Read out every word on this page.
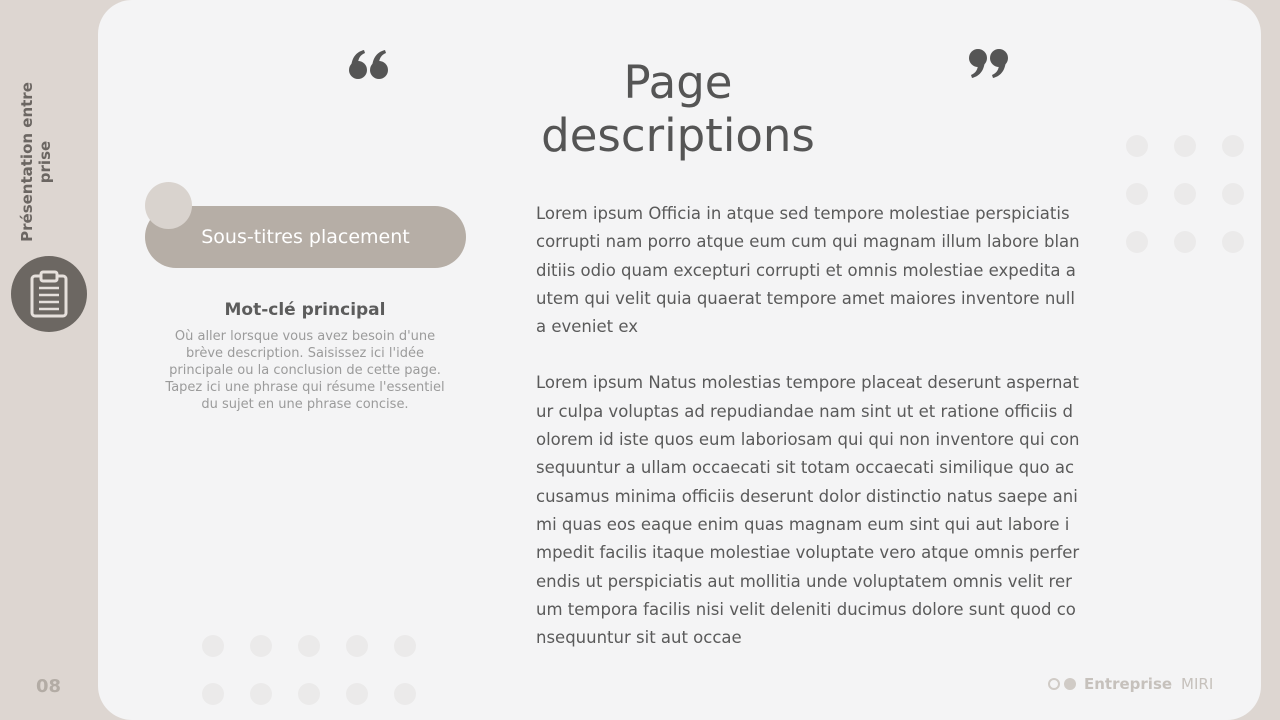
Présentation entre prise
08
Page descriptions
Sous-titres placement
Mot-clé principal
Où aller lorsque vous avez besoin d'une brève description. Saisissez ici l'idée principale ou la conclusion de cette page. Tapez ici une phrase qui résume l'essentiel du sujet en une phrase concise.

Lorem ipsum Officia in atque sed tempore molestiae perspiciatis corrupti nam porro atque eum cum qui magnam illum labore blanditiis odio quam excepturi corrupti et omnis molestiae expedita autem qui velit quia quaerat tempore amet maiores inventore nulla eveniet ex

Lorem ipsum Natus molestias tempore placeat deserunt aspernatur culpa voluptas ad repudiandae nam sint ut et ratione officiis dolorem id iste quos eum laboriosam qui qui non inventore qui consequuntur a ullam occaecati sit totam occaecati similique quo accusamus minima officiis deserunt dolor distinctio natus saepe animi quas eos eaque enim quas magnam eum sint qui aut labore impedit facilis itaque molestiae voluptate vero atque omnis perferendis ut perspiciatis aut mollitia unde voluptatem omnis velit rerum tempora facilis nisi velit deleniti ducimus dolore sunt quod consequuntur sit aut occae

Entreprise MIRI
